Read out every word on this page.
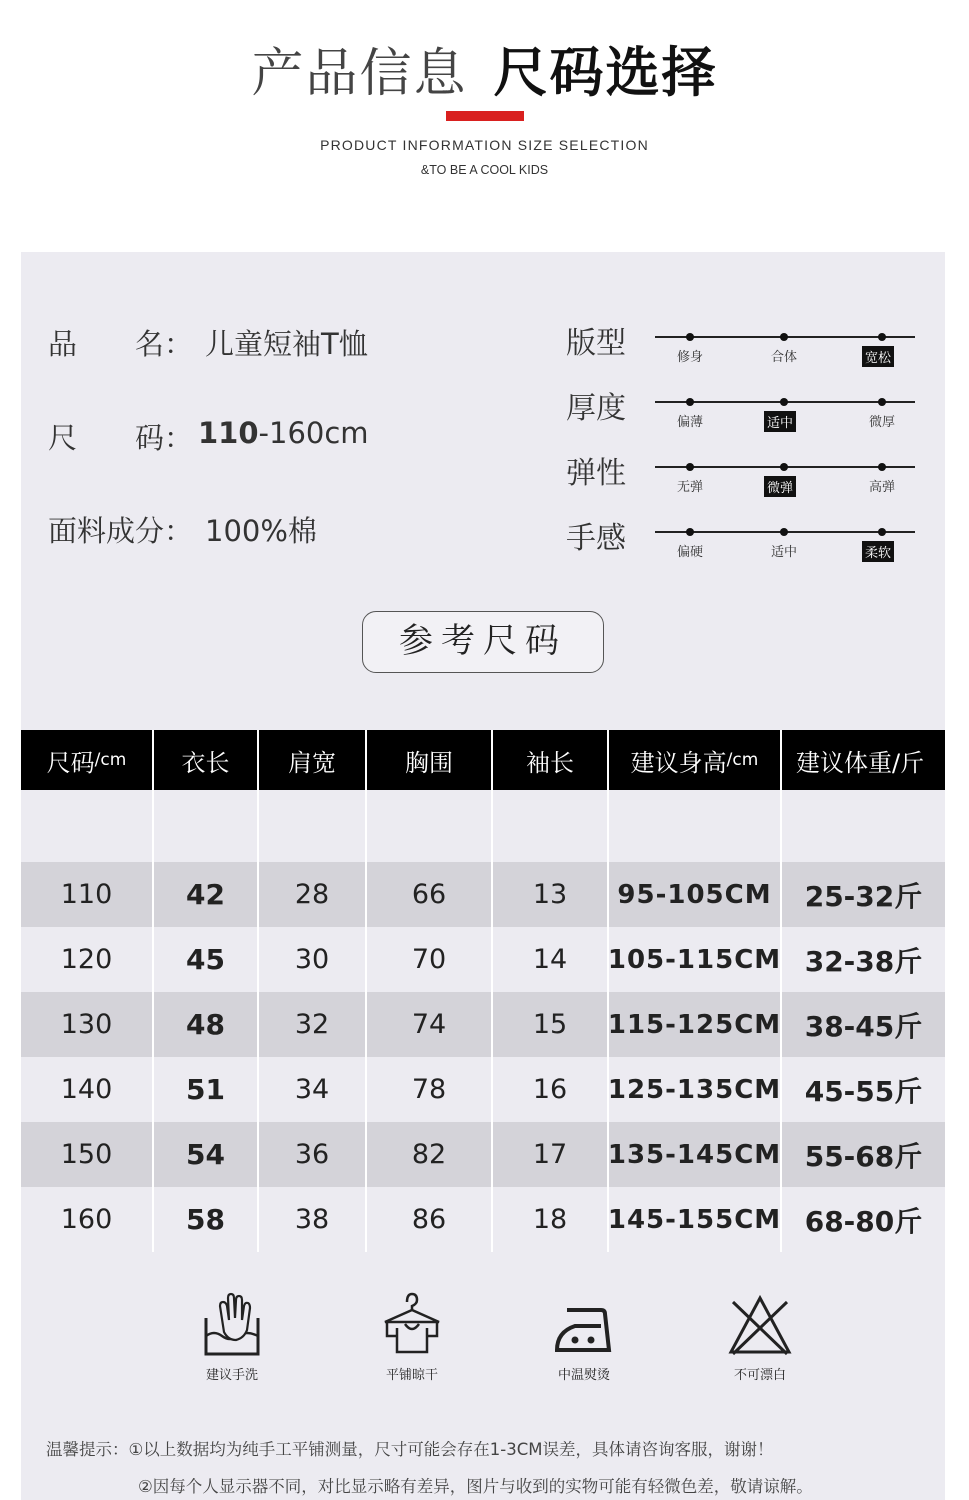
产品信息 尺码选择
PRODUCT INFORMATION SIZE SELECTION
&TO BE A COOL KIDS
品　　名： 儿童短袖T恤
尺　　码： 110-160cm
面料成分： 100%棉
版型	修身	合体	宽松
厚度	偏薄	适中	微厚
弹性	无弹	微弹	高弹
手感	偏硬	适中	柔软
参考尺码
尺码 /cm	衣长	肩宽	胸围	袖长	建议身高 /cm	建议体重/斤
110	42	28	66	13	95-105CM	25-32斤
120	45	30	70	14	105-115CM 32-38斤
130	48	32	74	15	115-125CM 38-45斤
140	51	34	78	16	125-135CM 45-55斤
150	54	36	82	17	135-145CM 55-68斤
160	58	38	86	18	145-155CM 68-80斤
建议手洗	平铺晾干	中温熨烫	不可漂白
温馨提示：①以上数据均为纯手工平铺测量，尺寸可能会存在1-3CM误差，具体请咨询客服，谢谢！
②因每个人显示器不同，对比显示略有差异，图片与收到的实物可能有轻微色差，敬请谅解。
